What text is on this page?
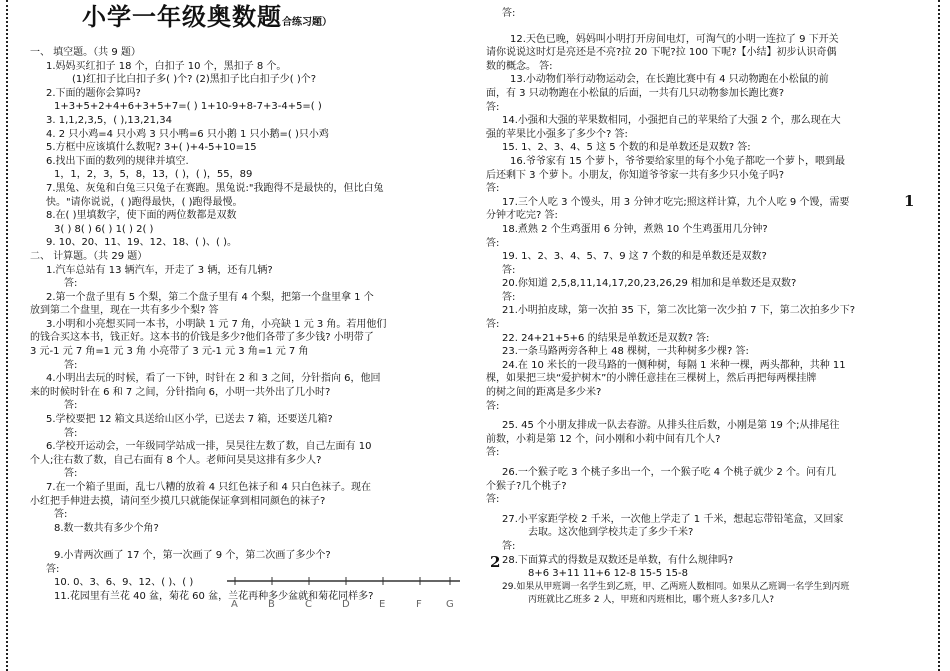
小学一年级奥数题合练习题）
一、 填空题。（共 9 题）
1.妈妈买红扣子 18 个，白扣子 10 个，黑扣子 8 个。
(1)红扣子比白扣子多( )个? (2)黑扣子比白扣子少( )个?
2.下面的题你会算吗?
1+3+5+2+4+6+3+5+7=( ) 1+10-9+8-7+3-4+5=( )
3. 1,1,2,3,5，( ),13,21,34
4. 2 只小鸡=4 只小鸡 3 只小鸭=6 只小鹅 1 只小鹅=( )只小鸡
5.方框中应该填什么数呢? 3+( )+4-5+10=15
6.找出下面的数列的规律并填空.
1，1，2，3，5，8，13，( )，( )，55，89
7.黑兔、灰兔和白兔三只兔子在赛跑。黑兔说:"我跑得不是最快的，但比白兔
快。"请你说说，( )跑得最快，( )跑得最慢。
8.在( )里填数字，使下面的两位数都是双数
3( ) 8( ) 6( ) 1( ) 2( )
9. 10、20、11、19、12、18、( )、( )。
二、 计算题。（共 29 题）
1.汽车总站有 13 辆汽车，开走了 3 辆，还有几辆?
答:
2.第一个盘子里有 5 个梨，第二个盘子里有 4 个梨，把第一个盘里拿 1 个
放到第二个盘里，现在一共有多少个梨? 答
3.小明和小亮想买同一本书，小明缺 1 元 7 角，小亮缺 1 元 3 角。若用他们
的钱合买这本书，钱正好。这本书的价钱是多少?他们各带了多少钱? 小明带了
3 元-1 元 7 角=1 元 3 角 小亮带了 3 元-1 元 3 角=1 元 7 角
答:
4.小明出去玩的时候，看了一下钟，时针在 2 和 3 之间，分针指向 6，他回
来的时候时针在 6 和 7 之间，分针指向 6，小明一共外出了几小时?
答:
5.学校要把 12 箱文具送给山区小学，已送去 7 箱，还要送几箱?
答:
6.学校开运动会，一年级同学站成一排，昊昊往左数了数，自己左面有 10
个人;往右数了数，自己右面有 8 个人。老师问昊昊这排有多少人?
答:
7.在一个箱子里面，乱七八糟的放着 4 只红色袜子和 4 只白色袜子。现在
小红把手伸进去摸，请问至少摸几只就能保证拿到相同颜色的袜子?
答:
8.数一数共有多少个角?
9.小青两次画了 17 个，第一次画了 9 个，第二次画了多少个?
答:
10. 0、3、6、9、12、( )、( )
11.花园里有兰花 40 盆，菊花 60 盆，兰花再种多少盆就和菊花同样多?
A	B	C	D	E	F G
答:
12.天色已晚，妈妈叫小明打开房间电灯，可淘气的小明一连拉了 9 下开关
请你说说这时灯是亮还是不亮?拉 20 下呢?拉 100 下呢?【小结】初步认识奇偶
数的概念。 答:
13.小动物们举行动物运动会，在长跑比赛中有 4 只动物跑在小松鼠的前
面，有 3 只动物跑在小松鼠的后面，一共有几只动物参加长跑比赛?
答:
14.小强和大强的苹果数相同，小强把自己的苹果给了大强 2 个，那么现在大
强的苹果比小强多了多少个? 答:
15. 1、2、3、4、5 这 5 个数的和是单数还是双数? 答:
16.爷爷家有 15 个萝卜，爷爷要给家里的每个小兔子都吃一个萝卜，喂到最
后还剩下 3 个萝卜。小朋友，你知道爷爷家一共有多少只小兔子吗?
答:
17.三个人吃 3 个馒头，用 3 分钟才吃完;照这样计算，九个人吃 9 个馒，需要
分钟才吃完? 答:
18.煮熟 2 个生鸡蛋用 6 分钟，煮熟 10 个生鸡蛋用几分钟?
答:
19. 1、2、3、4、5、7、9 这 7 个数的和是单数还是双数?
答:
20.你知道 2,5,8,11,14,17,20,23,26,29 相加和是单数还是双数?
答:
21.小明拍皮球，第一次拍 35 下，第二次比第一次少拍 7 下，第二次拍多少下?
答:
22. 24+21+5+6 的结果是单数还是双数? 答:
23.一条马路两旁各种上 48 棵树，一共种树多少棵? 答:
24.在 10 米长的一段马路的一侧种树，每隔 1 米种一棵，两头都种，共种 11
棵，如果把三块“爱护树木”的小牌任意挂在三棵树上，然后再把每两棵挂牌
的树之间的距离是多少米?
答:
25. 45 个小朋友排成一队去春游。从排头往后数，小刚是第 19 个;从排尾往
前数，小莉是第 12 个，问小刚和小莉中间有几个人?
答:
26.一个猴子吃 3 个桃子多出一个，一个猴子吃 4 个桃子就少 2 个。问有几
个猴子?几个桃子?
答:
27.小平家距学校 2 千米，一次他上学走了 1 千米，想起忘带铅笔盒，又回家
去取。这次他到学校共走了多少千米?
答:
28.下面算式的得数是双数还是单数，有什么规律吗?
8+6 3+11 11+6 12-8 15-5 15-8
29.如果从甲班调一名学生到乙班，甲、乙两班人数相同。如果从乙班调一名学生到丙班
丙班就比乙班多 2 人，甲班和丙班相比，哪个班人多?多几人?
1
2
